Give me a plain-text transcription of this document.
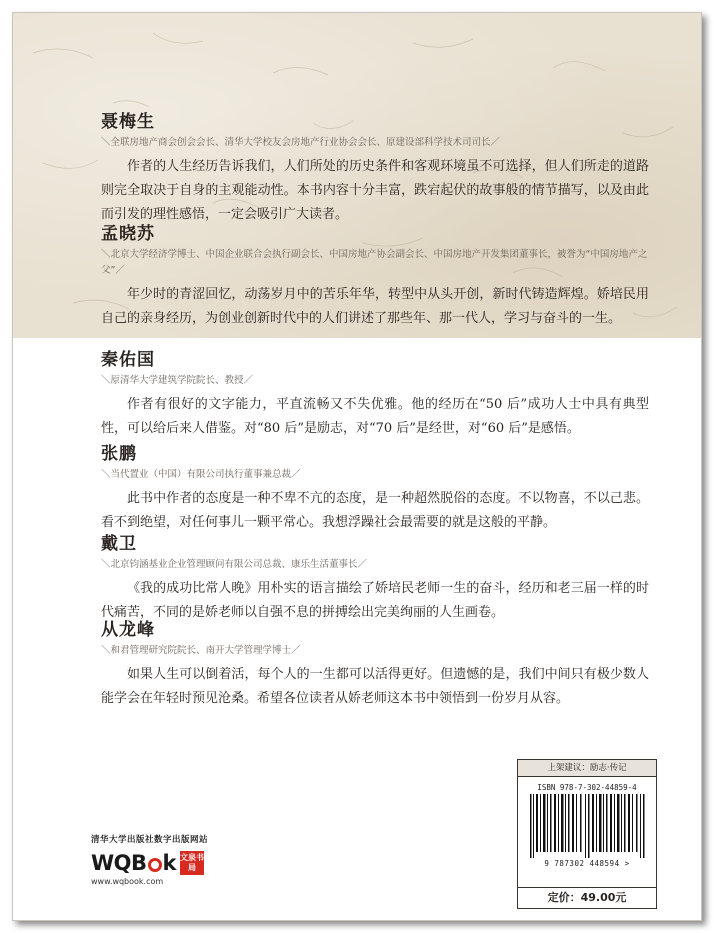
聂梅生
＼全联房地产商会创会会长、清华大学校友会房地产行业协会会长、原建设部科学技术司司长／
作者的人生经历告诉我们，人们所处的历史条件和客观环境虽不可选择，但人们所走的道路则完全取决于自身的主观能动性。本书内容十分丰富，跌宕起伏的故事般的情节描写，以及由此而引发的理性感悟，一定会吸引广大读者。
孟晓苏
＼北京大学经济学博士、中国企业联合会执行副会长、中国房地产协会副会长、中国房地产开发集团董事长，被誉为“中国房地产之父”／
年少时的青涩回忆，动荡岁月中的苦乐年华，转型中从头开创，新时代铸造辉煌。娇培民用自己的亲身经历，为创业创新时代中的人们讲述了那些年、那一代人，学习与奋斗的一生。
秦佑国
＼原清华大学建筑学院院长、教授／
作者有很好的文字能力，平直流畅又不失优雅。他的经历在“50 后”成功人士中具有典型性，可以给后来人借鉴。对“80 后”是励志，对“70 后”是经世，对“60 后”是感悟。
张鹏
＼当代置业（中国）有限公司执行董事兼总裁／
此书中作者的态度是一种不卑不亢的态度，是一种超然脱俗的态度。不以物喜，不以己悲。看不到绝望，对任何事儿一颗平常心。我想浮躁社会最需要的就是这般的平静。
戴卫
＼北京钧涵基业企业管理顾问有限公司总裁、康乐生活董事长／
《我的成功比常人晚》用朴实的语言描绘了娇培民老师一生的奋斗，经历和老三届一样的时代痛苦，不同的是娇老师以自强不息的拼搏绘出完美绚丽的人生画卷。
从龙峰
＼和君管理研究院院长、南开大学管理学博士／
如果人生可以倒着活，每个人的一生都可以活得更好。但遗憾的是，我们中间只有极少数人能学会在年轻时预见沧桑。希望各位读者从娇老师这本书中领悟到一份岁月从容。
清华大学出版社数字出版网站
WQB k 文泉书局
www.wqbook.com
上架建议：励志·传记
ISBN 978-7-302-44859-4
9 787302 448594 >
定价：49.00元
